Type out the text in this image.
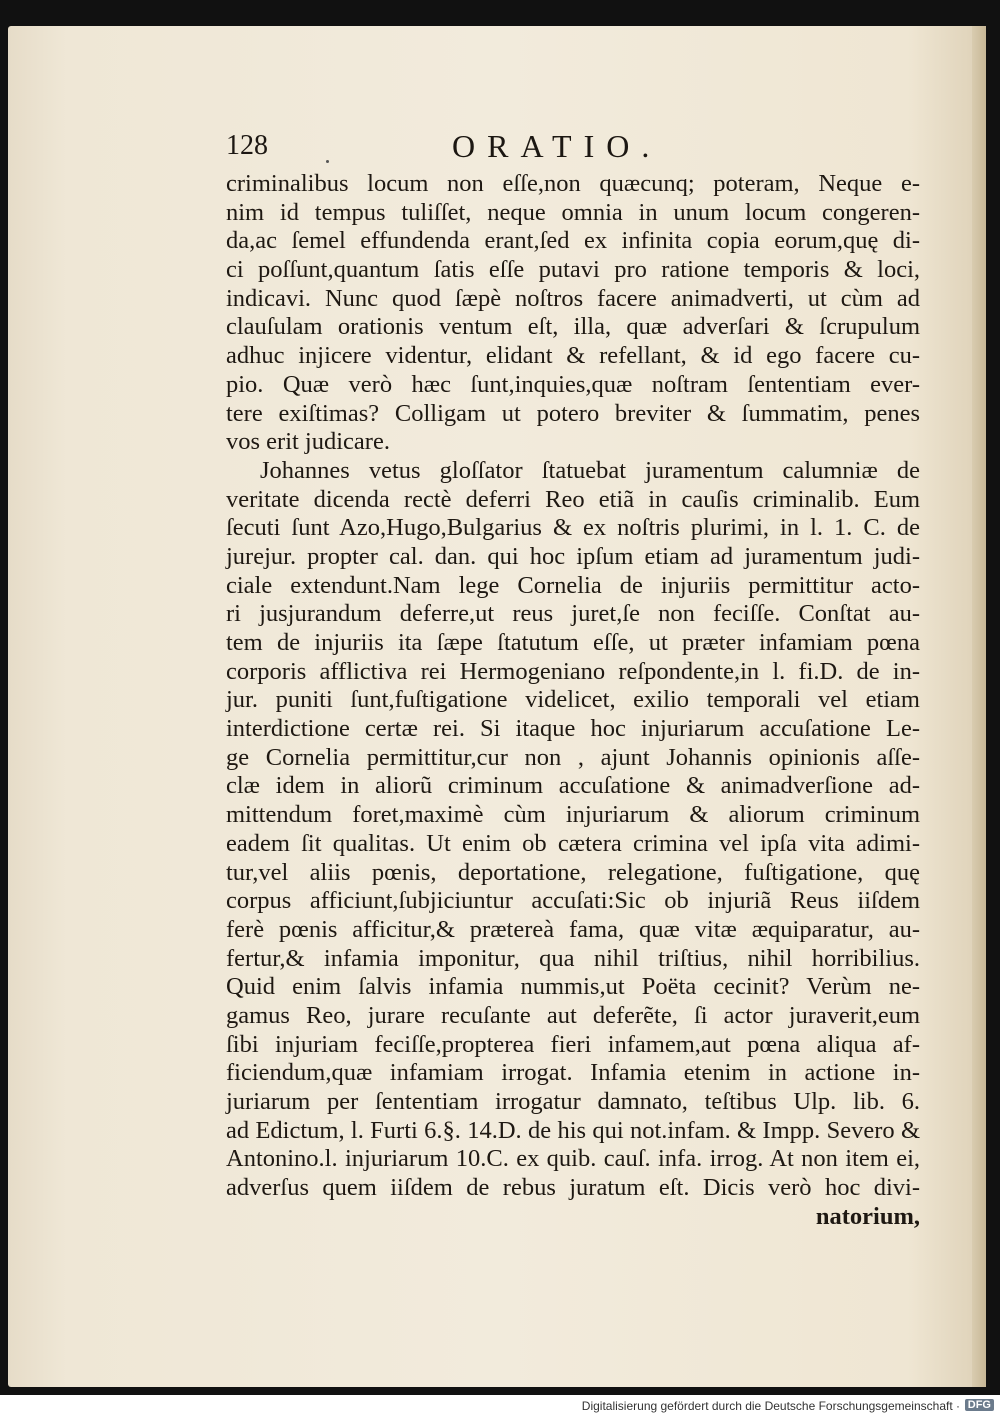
128	ORATIO.
criminalibus locum non eſſe,non quæcunq; poteram, Neque e-
nim id tempus tuliſſet, neque omnia in unum locum congeren-
da,ac ſemel effundenda erant,ſed ex infinita copia eorum,quę di-
ci poſſunt,quantum ſatis eſſe putavi pro ratione temporis & loci,
indicavi. Nunc quod ſæpè noſtros facere animadverti, ut cùm ad
clauſulam orationis ventum eſt, illa, quæ adverſari & ſcrupulum
adhuc injicere videntur, elidant & refellant, & id ego facere cu-
pio. Quæ verò hæc ſunt,inquies,quæ noſtram ſententiam ever-
tere exiſtimas? Colligam ut potero breviter & ſummatim, penes
vos erit judicare.
Johannes vetus gloſſator ſtatuebat juramentum calumniæ de
veritate dicenda rectè deferri Reo etiã in cauſis criminalib. Eum
ſecuti ſunt Azo,Hugo,Bulgarius & ex noſtris plurimi, in l. 1. C. de
jurejur. propter cal. dan. qui hoc ipſum etiam ad juramentum judi-
ciale extendunt.Nam lege Cornelia de injuriis permittitur acto-
ri jusjurandum deferre,ut reus juret,ſe non feciſſe. Conſtat au-
tem de injuriis ita ſæpe ſtatutum eſſe, ut præter infamiam pœna
corporis afflictiva rei Hermogeniano reſpondente,in l. fi.D. de in-
jur. puniti ſunt,fuſtigatione videlicet, exilio temporali vel etiam
interdictione certæ rei. Si itaque hoc injuriarum accuſatione Le-
ge Cornelia permittitur,cur non , ajunt Johannis opinionis aſſe-
clæ idem in aliorũ criminum accuſatione & animadverſione ad-
mittendum foret,maximè cùm injuriarum & aliorum criminum
eadem ſit qualitas. Ut enim ob cætera crimina vel ipſa vita adimi-
tur,vel aliis pœnis, deportatione, relegatione, fuſtigatione, quę
corpus afficiunt,ſubjiciuntur accuſati:Sic ob injuriã Reus iiſdem
ferè pœnis afficitur,& prætereà fama, quæ vitæ æquiparatur, au-
fertur,& infamia imponitur, qua nihil triſtius, nihil horribilius.
Quid enim ſalvis infamia nummis,ut Poëta cecinit? Verùm ne-
gamus Reo, jurare recuſante aut deferẽte, ſi actor juraverit,eum
ſibi injuriam feciſſe,propterea fieri infamem,aut pœna aliqua af-
ficiendum,quæ infamiam irrogat. Infamia etenim in actione in-
juriarum per ſententiam irrogatur damnato, teſtibus Ulp. lib. 6.
ad Edictum, l. Furti 6.§. 14.D. de his qui not.infam. & Impp. Severo &
Antonino.l. injuriarum 10.C. ex quib. cauſ. infa. irrog. At non item ei,
adverſus quem iiſdem de rebus juratum eſt. Dicis verò hoc divi-
natorium,
Digitalisierung gefördert durch die Deutsche Forschungsgemeinschaft · DFG
